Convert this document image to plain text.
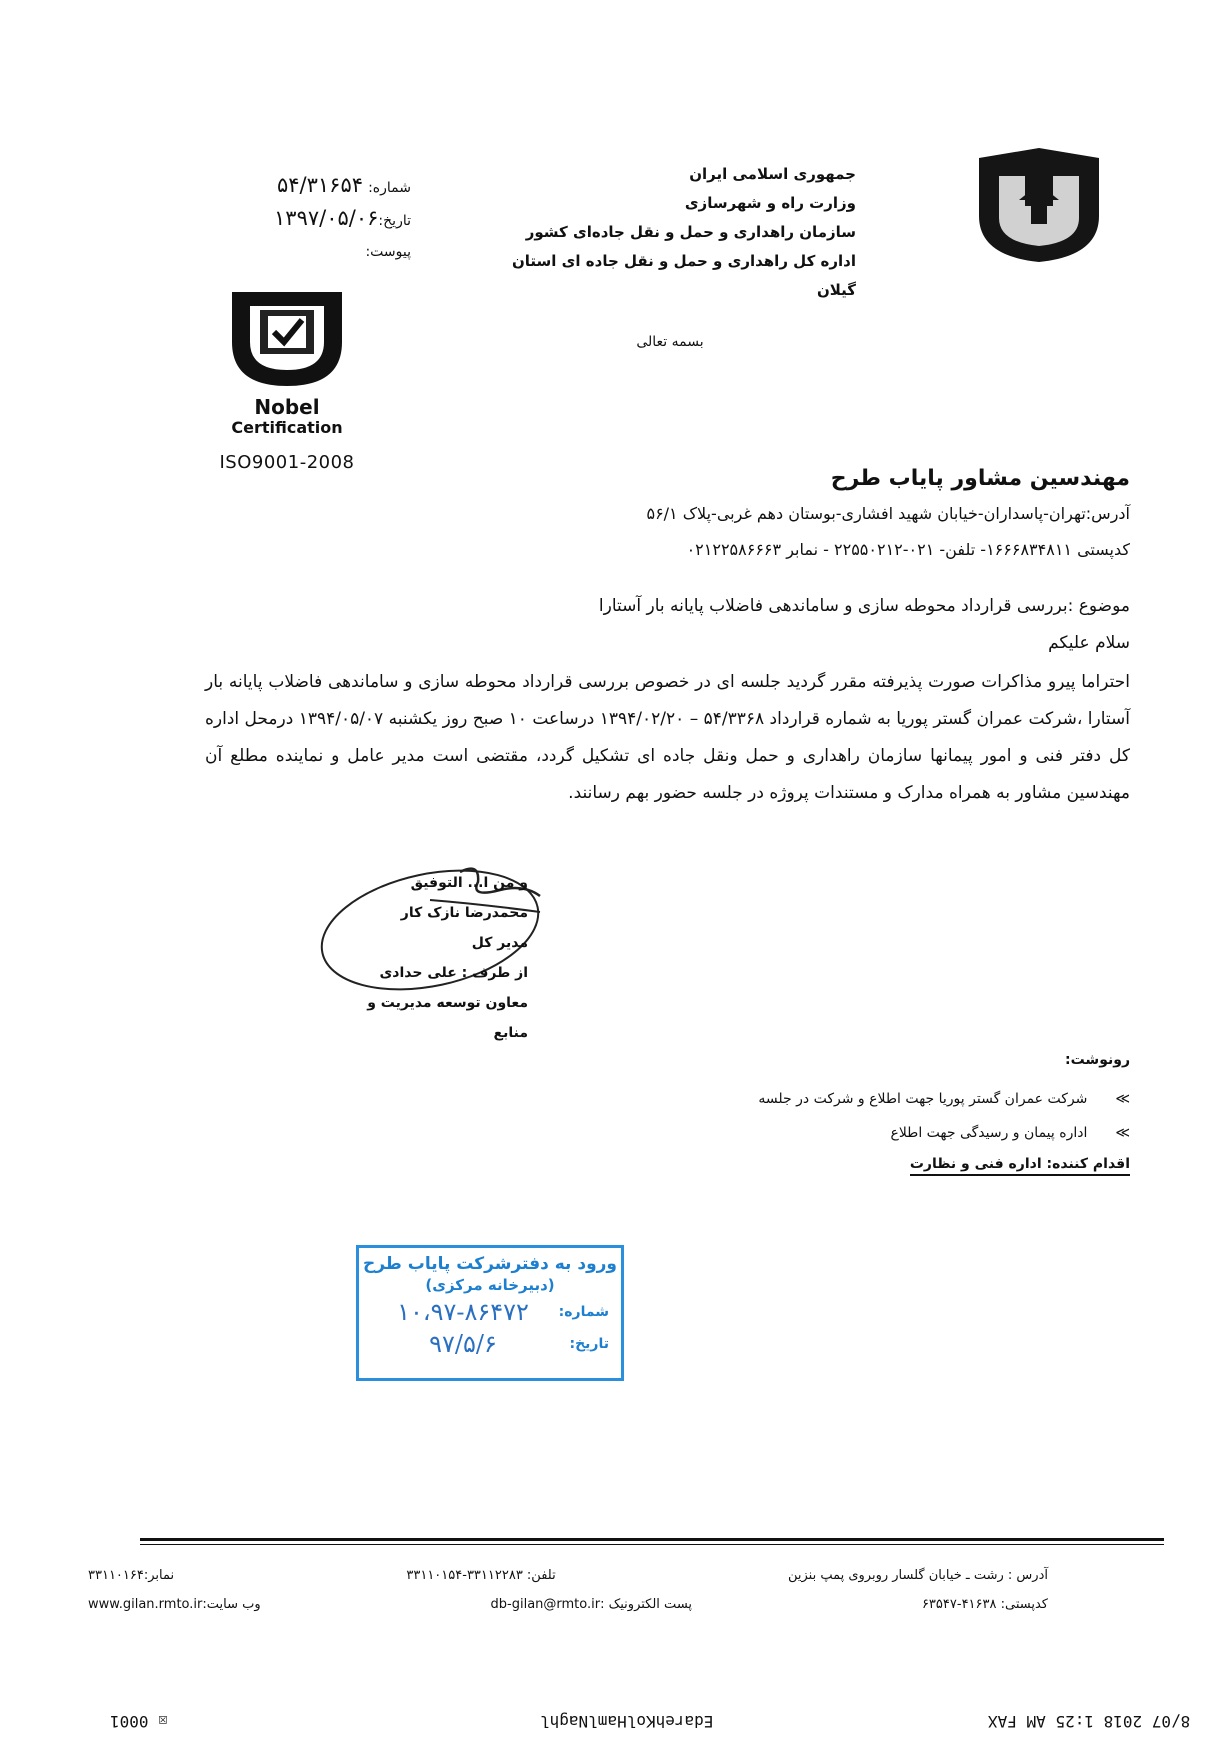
جمهوری اسلامی ایران
وزارت راه و شهرسازی
سازمان راهداری و حمل و نقل جاده‌ای کشور
اداره کل راهداری و حمل و نقل جاده ای استان گیلان
شماره: ۵۴/۳۱۶۵۴
تاریخ:۱۳۹۷/۰۵/۰۶
پیوست:
Nobel
Certification
ISO9001-2008
بسمه تعالی
مهندسین مشاور پایاب طرح
آدرس:تهران-پاسداران-خیابان شهید افشاری-بوستان دهم غربی-پلاک ۵۶/۱
کدپستی ۱۶۶۶۸۳۴۸۱۱- تلفن- ۰۲۱-۲۲۵۵۰۲۱۲ - نمابر ۰۲۱۲۲۵۸۶۶۶۳
موضوع :بررسی قرارداد محوطه سازی و ساماندهی فاضلاب پایانه بار آستارا
سلام علیکم
احتراما پیرو مذاکرات صورت پذیرفته مقرر گردید جلسه ای در خصوص بررسی قرارداد محوطه سازی و ساماندهی فاضلاب پایانه بار آستارا ،شرکت عمران گستر پوریا به شماره قرارداد ۵۴/۳۳۶۸ – ۱۳۹۴/۰۲/۲۰ درساعت ۱۰ صبح روز یکشنبه ۱۳۹۴/۰۵/۰۷ درمحل اداره کل دفتر فنی و امور پیمانها سازمان راهداری و حمل ونقل جاده ای تشکیل گردد، مقتضی است مدیر عامل و نماینده مطلع آن مهندسین مشاور به همراه مدارک و مستندات پروژه در جلسه حضور بهم رسانند.
و من ا... التوفیق
محمدرضا نازک کار
مدیر کل
از طرف : علی حدادی
معاون توسعه مدیریت و منابع
رونوشت:
≫شرکت عمران گستر پوریا جهت اطلاع و شرکت در جلسه
≫اداره پیمان و رسیدگی جهت اطلاع
اقدام کننده: اداره فنی و نظارت
ورود به دفترشرکت پایاب طرح
(دبیرخانه مرکزی)
شماره:
۱۰،۹۷-۸۶۴۷۲
تاریخ:
۹۷/۵/۶
آدرس : رشت ـ خیابان گلسار روبروی پمپ بنزین
تلفن: ۳۳۱۱۲۲۸۳-۳۳۱۱۰۱۵۴
نمابر:۳۳۱۱۰۱۶۴
کدپستی: ۴۱۶۳۸-۶۳۵۴۷
پست الکترونیک :db-gilan@rmto.ir
وب سایت:www.gilan.rmto.ir
☒ 0001	EdarehKolHamlNaghl	8/07 2018 1:25 AM FAX
